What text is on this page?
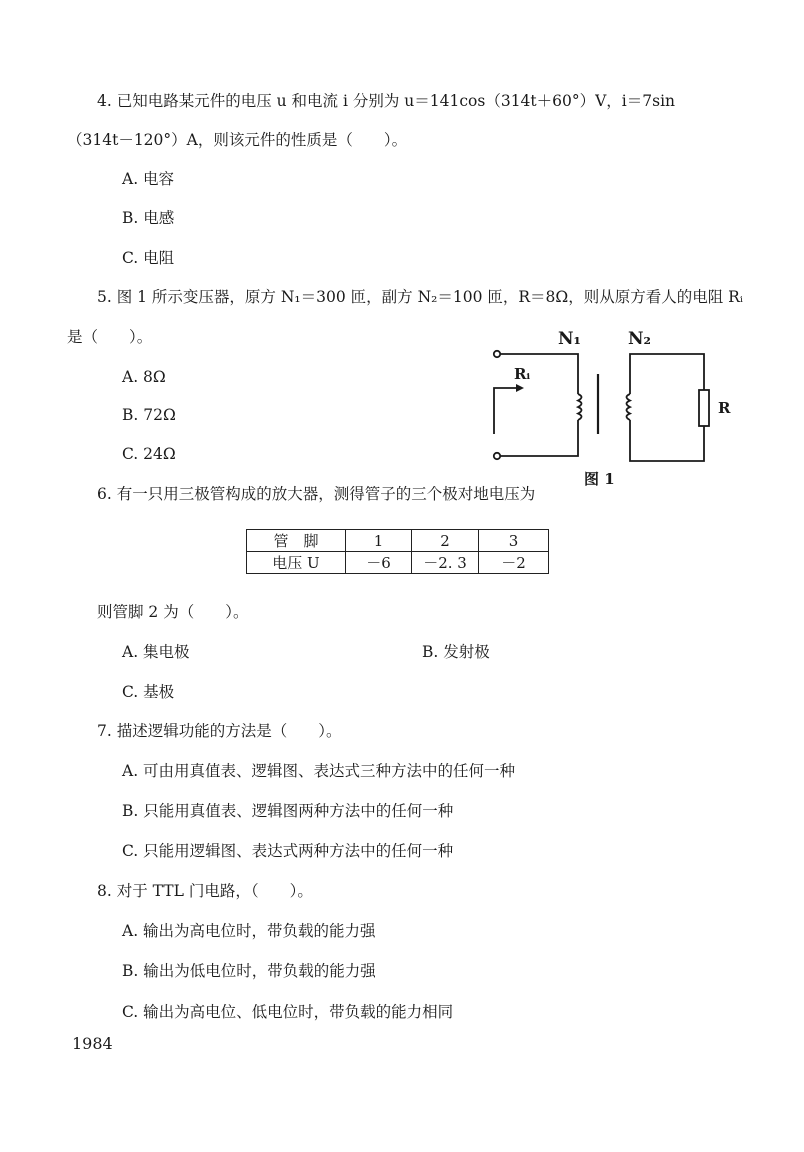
4. 已知电路某元件的电压 u 和电流 i 分别为 u＝141cos（314t＋60°）V，i＝7sin
（314t－120°）A，则该元件的性质是（　　）。
A. 电容
B. 电感
C. 电阻
5. 图 1 所示变压器，原方 N₁＝300 匝，副方 N₂＝100 匝，R＝8Ω，则从原方看人的电阻 Rᵢ
是（　　）。
A. 8Ω
B. 72Ω
C. 24Ω
N₁	N₂
Rᵢ
R
图 1
6. 有一只用三极管构成的放大器，测得管子的三个极对地电压为
管　脚	1	2	3
电压 U	－6	－2. 3	－2
则管脚 2 为（　　）。
A. 集电极	B. 发射极
C. 基极
7. 描述逻辑功能的方法是（　　）。
A. 可由用真值表、逻辑图、表达式三种方法中的任何一种
B. 只能用真值表、逻辑图两种方法中的任何一种
C. 只能用逻辑图、表达式两种方法中的任何一种
8. 对于 TTL 门电路，（　　）。
A. 输出为高电位时，带负载的能力强
B. 输出为低电位时，带负载的能力强
C. 输出为高电位、低电位时，带负载的能力相同
1984
